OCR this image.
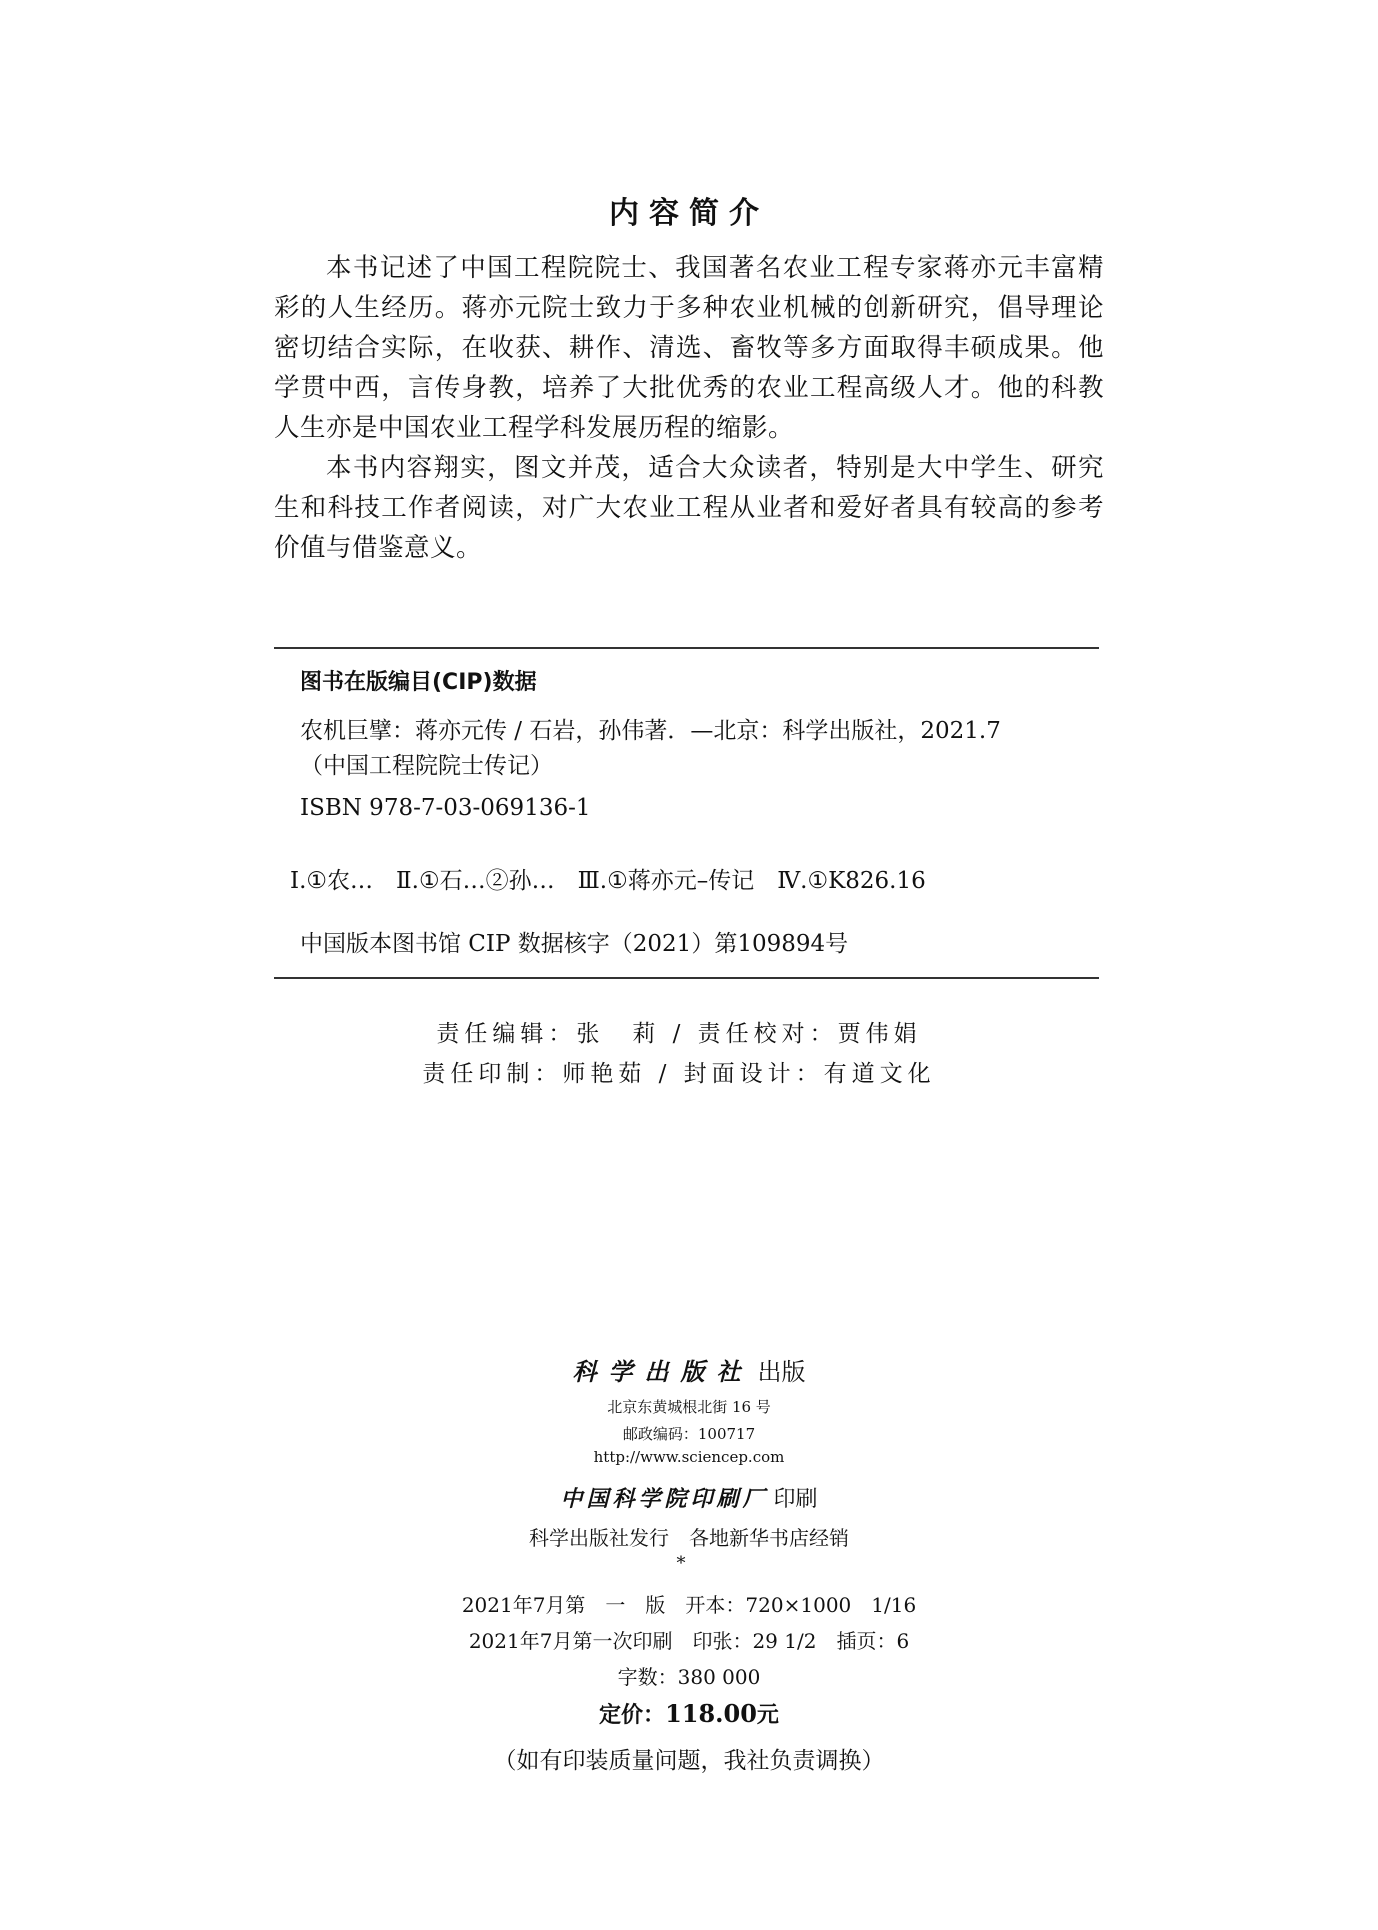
内容简介

本书记述了中国工程院院士、我国著名农业工程专家蒋亦元丰富精彩的人生经历。蒋亦元院士致力于多种农业机械的创新研究，倡导理论密切结合实际，在收获、耕作、清选、畜牧等多方面取得丰硕成果。他学贯中西，言传身教，培养了大批优秀的农业工程高级人才。他的科教人生亦是中国农业工程学科发展历程的缩影。

本书内容翔实，图文并茂，适合大众读者，特别是大中学生、研究生和科技工作者阅读，对广大农业工程从业者和爱好者具有较高的参考价值与借鉴意义。

图书在版编目(CIP)数据
农机巨擘：蒋亦元传 / 石岩，孙伟著．—北京：科学出版社，2021.7
（中国工程院院士传记）
ISBN 978-7-03-069136-1
Ⅰ.①农…　Ⅱ.①石…②孙…　Ⅲ.①蒋亦元–传记　Ⅳ.①K826.16
中国版本图书馆 CIP 数据核字（2021）第109894号
责任编辑：张　莉 / 责任校对：贾伟娟
责任印制：师艳茹 / 封面设计：有道文化
科学出版社 出版
北京东黄城根北街 16 号
邮政编码：100717
http://www.sciencep.com
中国科学院印刷厂 印刷
科学出版社发行　各地新华书店经销
*
2021年7月第　一　版　开本：720×1000　1/16
2021年7月第一次印刷　印张：29 1/2　插页：6
字数：380 000
定价：118.00元
（如有印装质量问题，我社负责调换）
